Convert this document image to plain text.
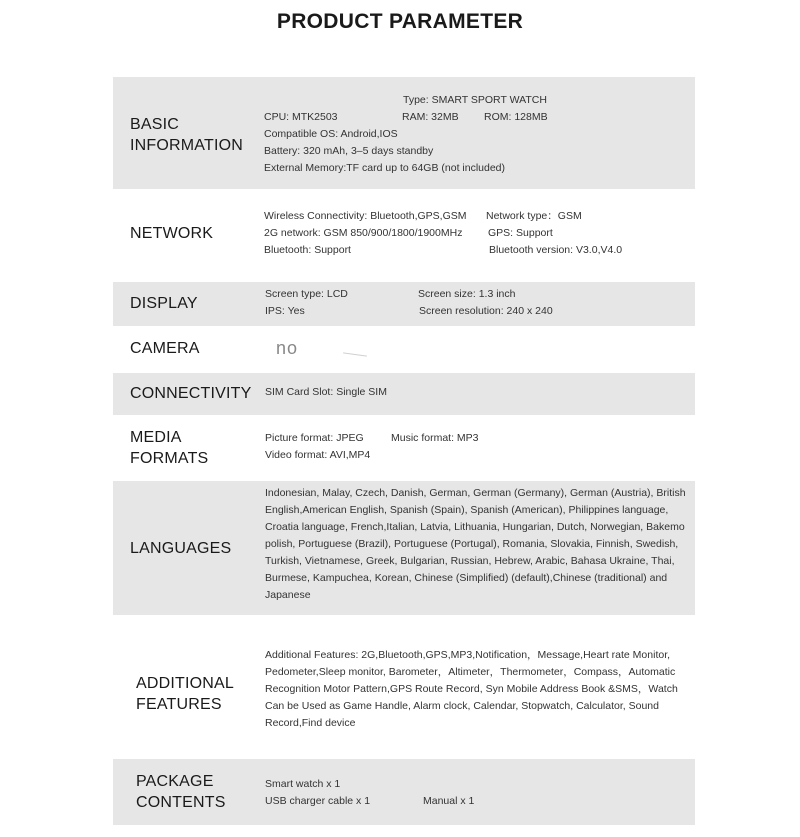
PRODUCT PARAMETER
BASIC
INFORMATION
Type: SMART SPORT WATCH
CPU: MTK2503	RAM: 32MB ROM: 128MB
Compatible OS: Android,IOS
Battery: 320 mAh, 3–5 days standby
External Memory:TF card up to 64GB (not included)
NETWORK
Wireless Connectivity: Bluetooth,GPS,GSM Network type：GSM
2G network: GSM 850/900/1800/1900MHz GPS: Support
Bluetooth: Support	Bluetooth version: V3.0,V4.0
DISPLAY
Screen type: LCD	Screen size: 1.3 inch
IPS: Yes	Screen resolution: 240 x 240
CAMERA	no
CONNECTIVITY SIM Card Slot: Single SIM
MEDIA
FORMATS
Picture format: JPEG	Music format: MP3
Video format: AVI,MP4
LANGUAGES
Indonesian, Malay, Czech, Danish, German, German (Germany), German (Austria), British
English,American English, Spanish (Spain), Spanish (American), Philippines language,
Croatia language, French,Italian, Latvia, Lithuania, Hungarian, Dutch, Norwegian, Bakemo
polish, Portuguese (Brazil), Portuguese (Portugal), Romania, Slovakia, Finnish, Swedish,
Turkish, Vietnamese, Greek, Bulgarian, Russian, Hebrew, Arabic, Bahasa Ukraine, Thai,
Burmese, Kampuchea, Korean, Chinese (Simplified) (default),Chinese (traditional) and
Japanese
ADDITIONAL
FEATURES
Additional Features: 2G,Bluetooth,GPS,MP3,Notification，Message,Heart rate Monitor,
Pedometer,Sleep monitor, Barometer，Altimeter，Thermometer，Compass，Automatic
Recognition Motor Pattern,GPS Route Record, Syn Mobile Address Book &SMS，Watch
Can be Used as Game Handle, Alarm clock, Calendar, Stopwatch, Calculator, Sound
Record,Find device
PACKAGE
CONTENTS
Smart watch x 1
USB charger cable x 1	Manual x 1
